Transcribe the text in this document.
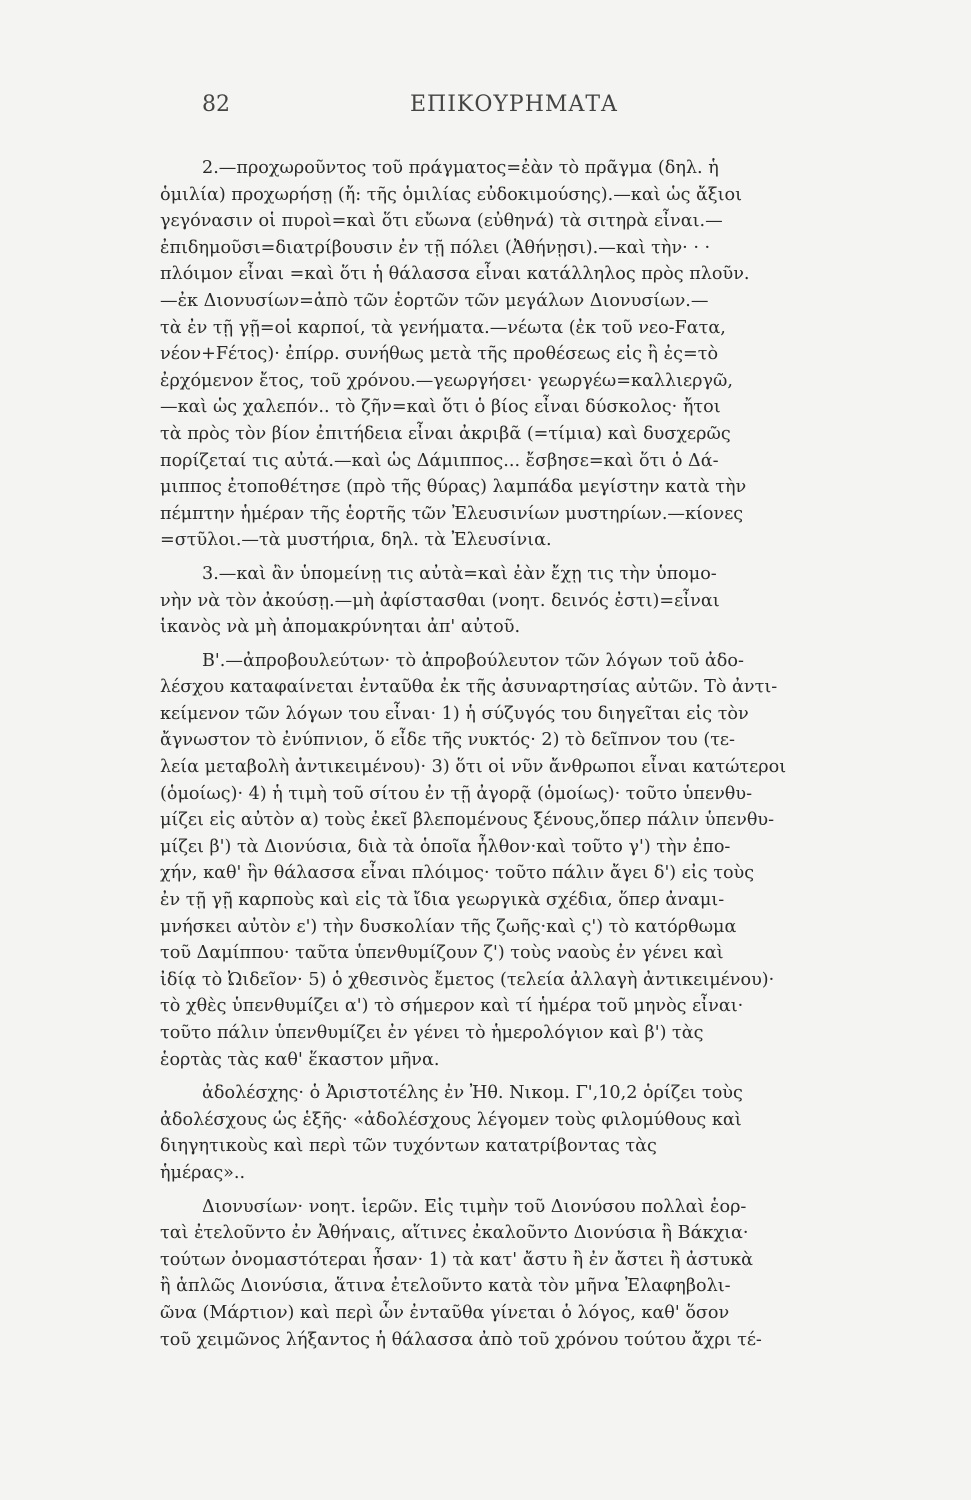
82	ΕΠΙΚΟΥΡΗΜΑΤΑ

2.—προχωροῦντος τοῦ πράγματος=ἐὰν τὸ πρᾶγμα (δηλ. ἡ
ὁμιλία) προχωρήσῃ (ἤ: τῆς ὁμιλίας εὐδοκιμούσης).—καὶ ὡς ἄξιοι
γεγόνασιν οἱ πυροὶ=καὶ ὅτι εὔωνα (εὐθηνά) τὰ σιτηρὰ εἶναι.—
ἐπιδημοῦσι=διατρίβουσιν ἐν τῇ πόλει (Ἀθήνῃσι).—καὶ τὴν· · ·
πλόιμον εἶναι =καὶ ὅτι ἡ θάλασσα εἶναι κατάλληλος πρὸς πλοῦν.
—ἐκ Διονυσίων=ἀπὸ τῶν ἑορτῶν τῶν μεγάλων Διονυσίων.—
τὰ ἐν τῇ γῇ=οἱ καρποί, τὰ γενήματα.—νέωτα (ἐκ τοῦ νεο-Fατα,
νέον+Fέτος)· ἐπίρρ. συνήθως μετὰ τῆς προθέσεως εἰς ἢ ἐς=τὸ
ἐρχόμενον ἔτος, τοῦ χρόνου.—γεωργήσει· γεωργέω=καλλιεργῶ,
—καὶ ὡς χαλεπόν.. τὸ ζῆν=καὶ ὅτι ὁ βίος εἶναι δύσκολος· ἤτοι
τὰ πρὸς τὸν βίον ἐπιτήδεια εἶναι ἀκριβᾶ (=τίμια) καὶ δυσχερῶς
πορίζεταί τις αὐτά.—καὶ ὡς Δάμιππος... ἔσβησε=καὶ ὅτι ὁ Δά-
μιππος ἐτοποθέτησε (πρὸ τῆς θύρας) λαμπάδα μεγίστην κατὰ τὴν
πέμπτην ἡμέραν τῆς ἑορτῆς τῶν Ἐλευσινίων μυστηρίων.—κίονες
=στῦλοι.—τὰ μυστήρια, δηλ. τὰ Ἐλευσίνια.

3.—καὶ ἂν ὑπομείνῃ τις αὐτὰ=καὶ ἐὰν ἔχῃ τις τὴν ὑπομο-
νὴν νὰ τὸν ἀκούσῃ.—μὴ ἀφίστασθαι (νοητ. δεινός ἐστι)=εἶναι
ἱκανὸς νὰ μὴ ἀπομακρύνηται ἀπ' αὐτοῦ.

Β'.—ἀπροβουλεύτων· τὸ ἀπροβούλευτον τῶν λόγων τοῦ ἀδο-
λέσχου καταφαίνεται ἐνταῦθα ἐκ τῆς ἀσυναρτησίας αὐτῶν. Τὸ ἀντι-
κείμενον τῶν λόγων του εἶναι· 1) ἡ σύζυγός του διηγεῖται εἰς τὸν
ἄγνωστον τὸ ἐνύπνιον, ὅ εἶδε τῆς νυκτός· 2) τὸ δεῖπνον του (τε-
λεία μεταβολὴ ἀντικειμένου)· 3) ὅτι οἱ νῦν ἄνθρωποι εἶναι κατώτεροι
(ὁμοίως)· 4) ἡ τιμὴ τοῦ σίτου ἐν τῇ ἀγορᾷ (ὁμοίως)· τοῦτο ὑπενθυ-
μίζει εἰς αὐτὸν α) τοὺς ἐκεῖ βλεπομένους ξένους,ὅπερ πάλιν ὑπενθυ-
μίζει β') τὰ Διονύσια, διὰ τὰ ὁποῖα ἦλθον·καὶ τοῦτο γ') τὴν ἐπο-
χήν, καθ' ἣν θάλασσα εἶναι πλόιμος· τοῦτο πάλιν ἄγει δ') εἰς τοὺς
ἐν τῇ γῇ καρποὺς καὶ εἰς τὰ ἴδια γεωργικὰ σχέδια, ὅπερ ἀναμι-
μνήσκει αὐτὸν ε') τὴν δυσκολίαν τῆς ζωῆς·καὶ ς') τὸ κατόρθωμα
τοῦ Δαμίππου· ταῦτα ὑπενθυμίζουν ζ') τοὺς ναοὺς ἐν γένει καὶ
ἰδίᾳ τὸ Ὠιδεῖον· 5) ὁ χθεσινὸς ἔμετος (τελεία ἀλλαγὴ ἀντικειμένου)·
τὸ χθὲς ὑπενθυμίζει α') τὸ σήμερον καὶ τί ἡμέρα τοῦ μηνὸς εἶναι·
τοῦτο πάλιν ὑπενθυμίζει ἐν γένει τὸ ἡμερολόγιον καὶ β') τὰς
ἑορτὰς τὰς καθ' ἕκαστον μῆνα.

ἀδολέσχης· ὁ Ἀριστοτέλης ἐν Ἠθ. Νικομ. Γ',10,2 ὁρίζει τοὺς
ἀδολέσχους ὡς ἑξῆς· «ἀδολέσχους λέγομεν τοὺς φιλομύθους καὶ
διηγητικοὺς καὶ περὶ τῶν τυχόντων κατατρίβοντας τὰς
ἡμέρας»..

Διονυσίων· νοητ. ἱερῶν. Εἰς τιμὴν τοῦ Διονύσου πολλαὶ ἑορ-
ταὶ ἐτελοῦντο ἐν Ἀθήναις, αἵτινες ἐκαλοῦντο Διονύσια ἢ Βάκχια·
τούτων ὀνομαστότεραι ἦσαν· 1) τὰ κατ' ἄστυ ἢ ἐν ἄστει ἢ ἀστυκὰ
ἢ ἁπλῶς Διονύσια, ἅτινα ἐτελοῦντο κατὰ τὸν μῆνα Ἐλαφηβολι-
ῶνα (Μάρτιον) καὶ περὶ ὧν ἐνταῦθα γίνεται ὁ λόγος, καθ' ὅσον
τοῦ χειμῶνος λήξαντος ἡ θάλασσα ἀπὸ τοῦ χρόνου τούτου ἄχρι τέ-
